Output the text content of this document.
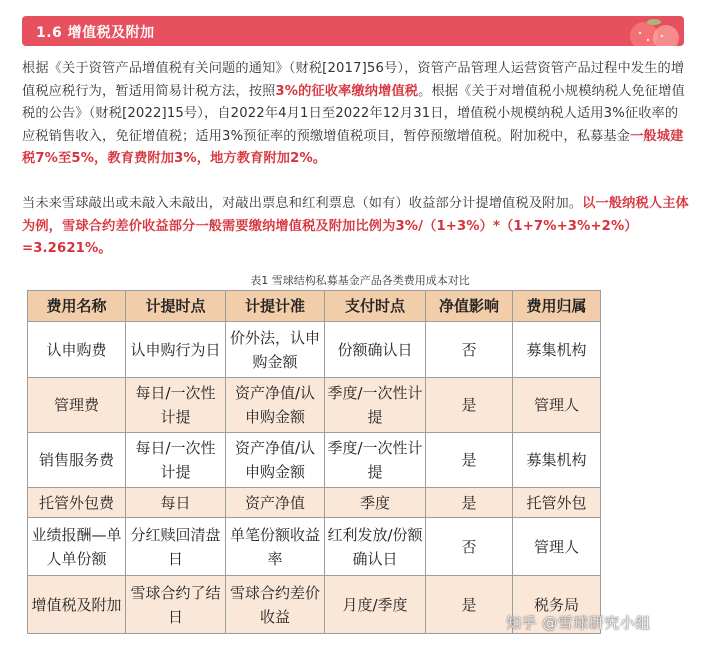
1.6 增值税及附加

根据《关于资管产品增值税有关问题的通知》（财税[2017]56号），资管产品管理人运营资管产品过程中发生的增值税应税行为，暂适用简易计税方法，按照3%的征收率缴纳增值税。根据《关于对增值税小规模纳税人免征增值税的公告》（财税[2022]15号），自2022年4月1日至2022年12月31日，增值税小规模纳税人适用3%征收率的应税销售收入，免征增值税；适用3%预征率的预缴增值税项目，暂停预缴增值税。附加税中，私募基金一般城建税7%至5%，教育费附加3%，地方教育附加2%。

当未来雪球敲出或未敲入未敲出，对敲出票息和红利票息（如有）收益部分计提增值税及附加。以一般纳税人主体为例，雪球合约差价收益部分一般需要缴纳增值税及附加比例为3%/（1+3%）*（1+7%+3%+2%）=3.2621%。

表1 雪球结构私募基金产品各类费用成本对比
费用名称	计提时点	计提计准	支付时点	净值影响	费用归属
认申购费	认申购行为日	价外法，认申购金额	份额确认日	否	募集机构
管理费	每日/一次性计提	资产净值/认申购金额	季度/一次性计提	是	管理人
销售服务费	每日/一次性计提	资产净值/认申购金额	季度/一次性计提	是	募集机构
托管外包费	每日	资产净值	季度	是	托管外包
业绩报酬—单人单份额	分红赎回清盘日	单笔份额收益率	红利发放/份额确认日	否	管理人
增值税及附加	雪球合约了结日	雪球合约差价收益	月度/季度	是	税务局
知乎 @雪球研究小组
